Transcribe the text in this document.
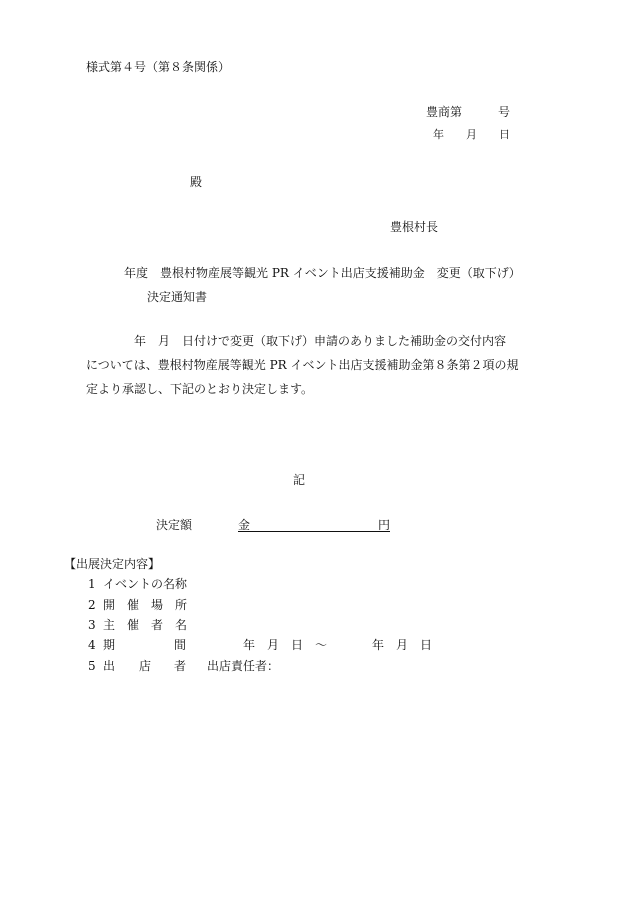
様式第４号（第８条関係）
豊商第　　　号
年　　月　　日
殿
豊根村長
年度　豊根村物産展等観光 PR イベント出店支援補助金　変更（取下げ）
決定通知書
年　月　日付けで変更（取下げ）申請のありました補助金の交付内容
については、豊根村物産展等観光 PR イベント出店支援補助金第８条第２項の規
定より承認し、下記のとおり決定します。
記
決定額	金	円
【出展決定内容】
1 イベントの名称
2 開　催　場　所
3 主　催　者　名
4 期	間	年　月　日　～	年　月　日
5 出 店 者 出店責任者：
